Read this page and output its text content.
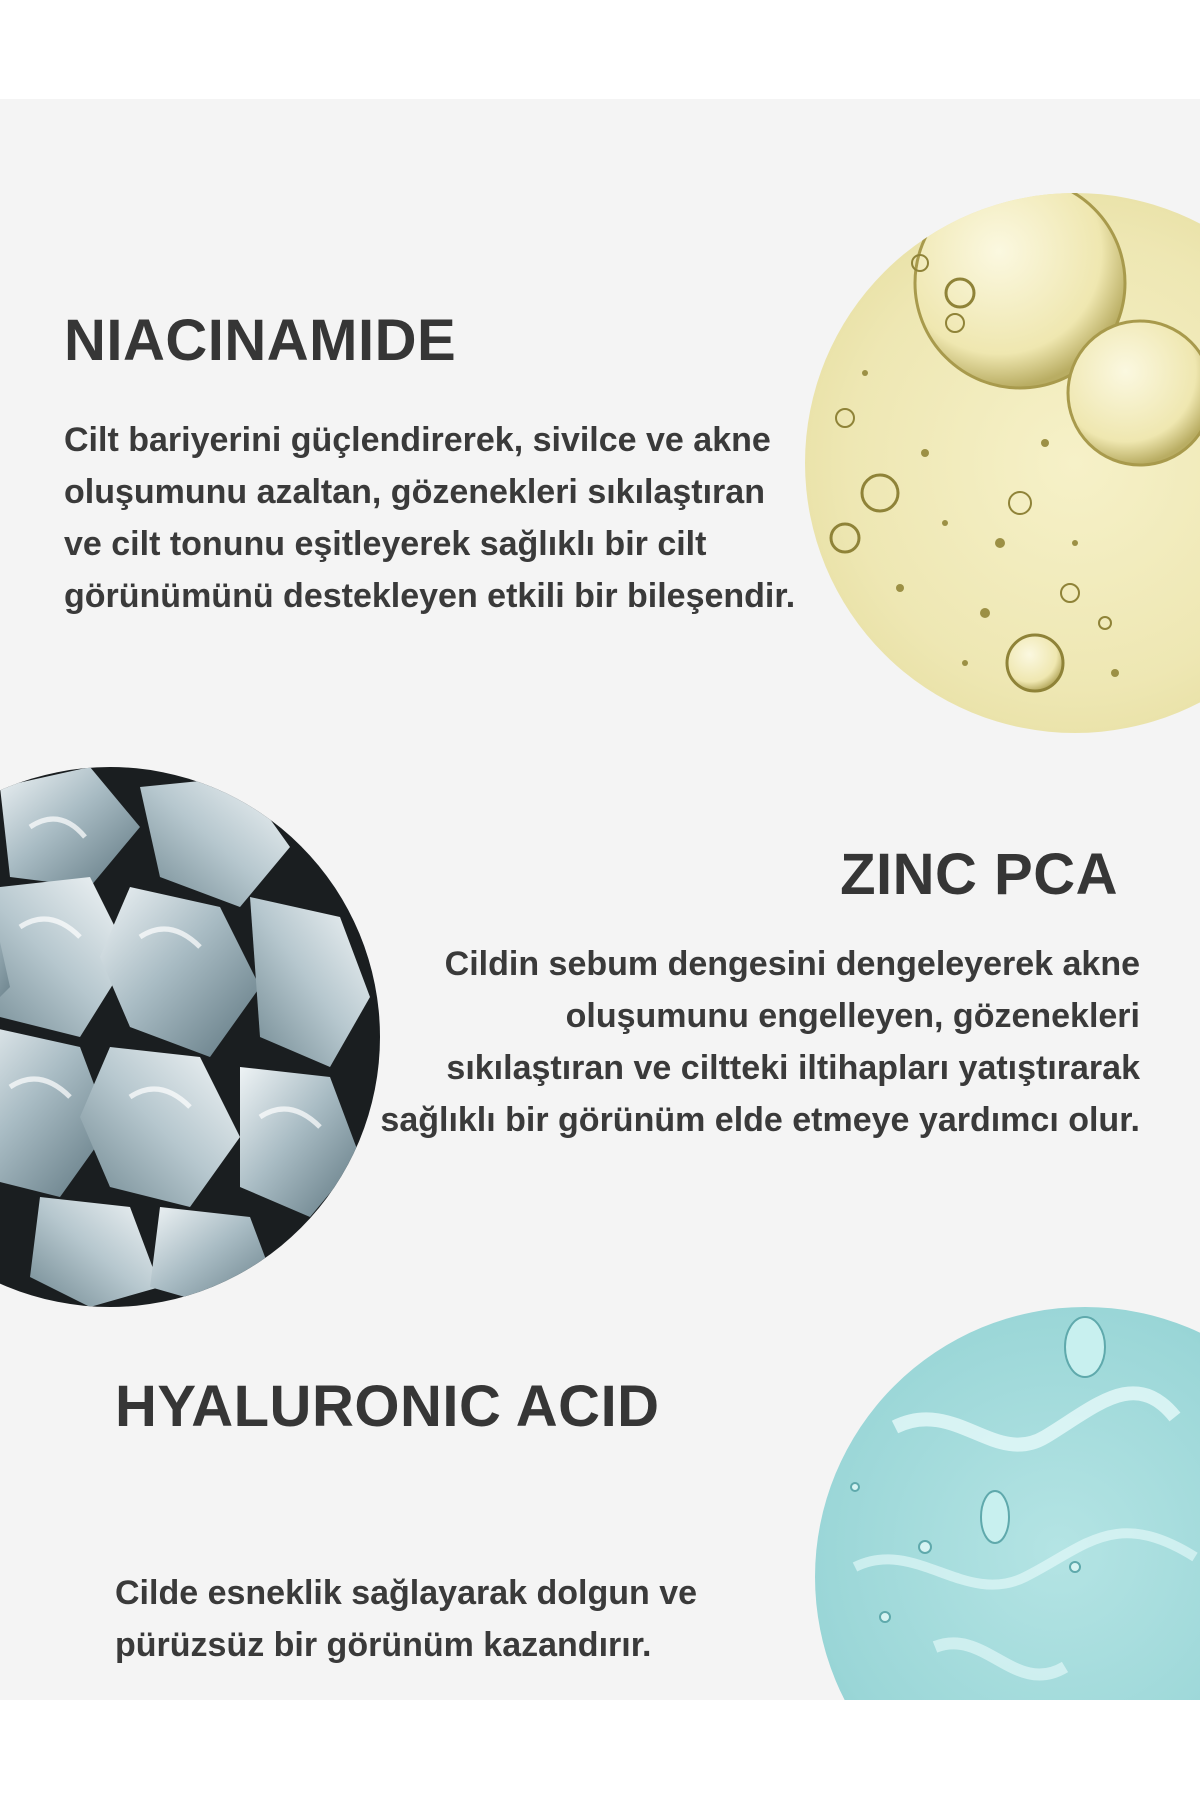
NIACINAMIDE

Cilt bariyerini güçlendirerek, sivilce ve akne oluşumunu azaltan, gözenekleri sıkılaştıran ve cilt tonunu eşitleyerek sağlıklı bir cilt görünümünü destekleyen etkili bir bileşendir.

ZINC PCA

Cildin sebum dengesini dengeleyerek akne oluşumunu engelleyen, gözenekleri sıkılaştıran ve ciltteki iltihapları yatıştırarak sağlıklı bir görünüm elde etmeye yardımcı olur.

HYALURONIC ACID

Cilde esneklik sağlayarak dolgun ve pürüzsüz bir görünüm kazandırır.
